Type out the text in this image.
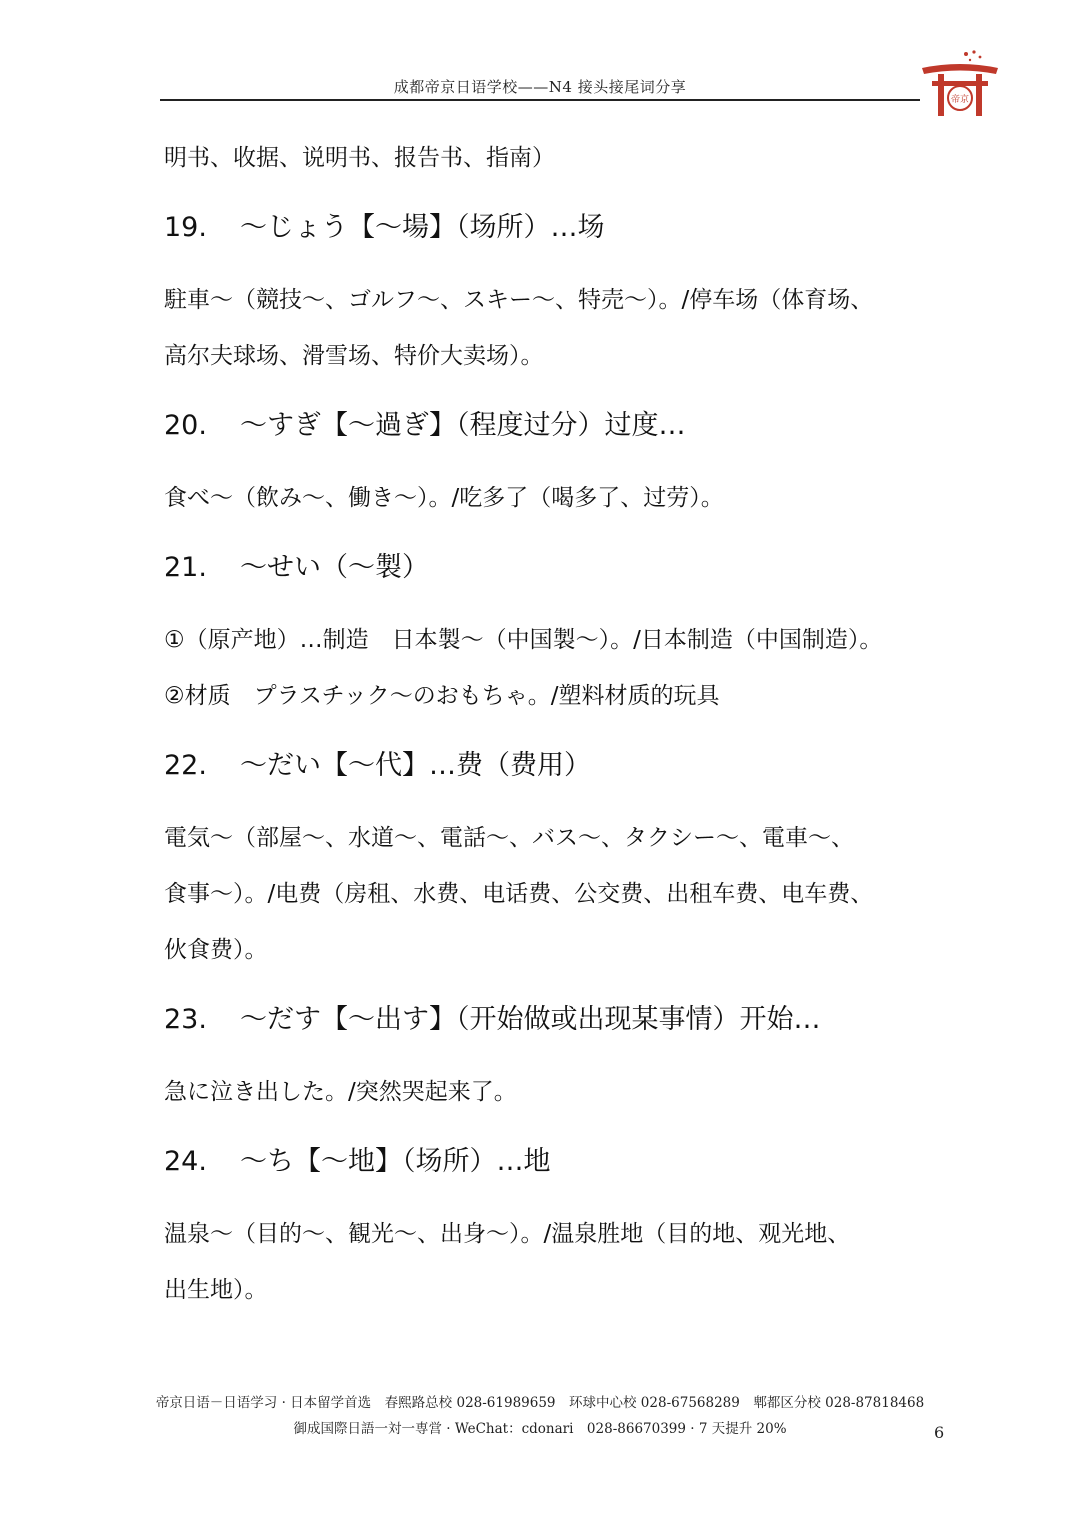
成都帝京日语学校——N4 接头接尾词分享
帝京
明书、收据、说明书、报告书、指南）
19. 〜じょう【〜場】（场所）…场
駐車〜（競技〜、ゴルフ〜、スキー〜、特売〜）。/停车场（体育场、
高尔夫球场、滑雪场、特价大卖场）。
20. 〜すぎ【〜過ぎ】（程度过分）过度…
食べ〜（飲み〜、働き〜）。/吃多了（喝多了、过劳）。
21. 〜せい（〜製）
①（原产地）…制造　日本製〜（中国製〜）。/日本制造（中国制造）。
②材质　プラスチック〜のおもちゃ。/塑料材质的玩具
22. 〜だい【〜代】…费（费用）
電気〜（部屋〜、水道〜、電話〜、バス〜、タクシー〜、電車〜、
食事〜）。/电费（房租、水费、电话费、公交费、出租车费、电车费、
伙食费）。
23. 〜だす【〜出す】（开始做或出现某事情）开始…
急に泣き出した。/突然哭起来了。
24. 〜ち【〜地】（场所）…地
温泉〜（目的〜、観光〜、出身〜）。/温泉胜地（目的地、观光地、
出生地）。
帝京日语－日语学习 · 日本留学首选　春熙路总校 028-61989659　环球中心校 028-67568289　郫都区分校 028-87818468
御成国際日語一対一専営 · WeChat：cdonari　028-86670399 · 7 天提升 20%	6
